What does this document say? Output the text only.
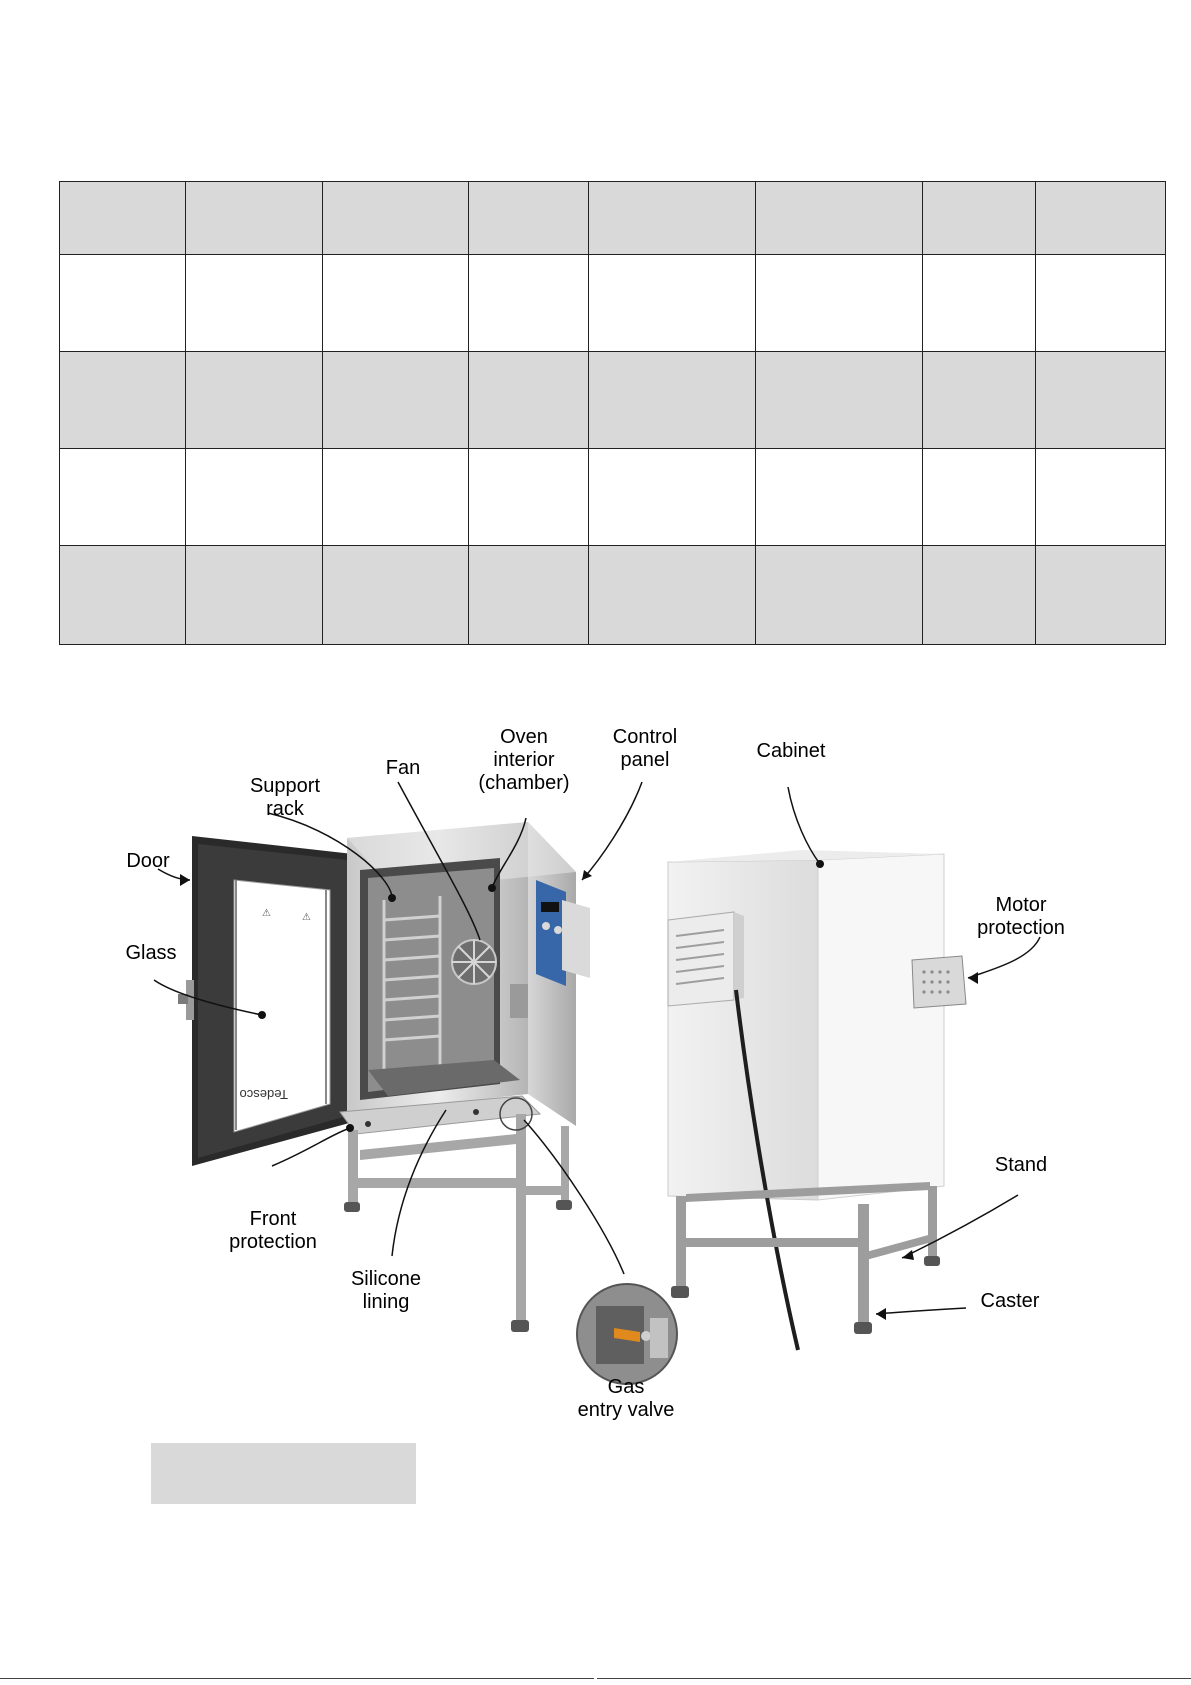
⚠	⚠
Tedesco
Door
Glass
Support
rack
Fan
Oven
interior
(chamber)
Control
panel
Front
protection
Silicone
lining
Gas
entry valve
Cabinet
Motor
protection
Stand
Caster
